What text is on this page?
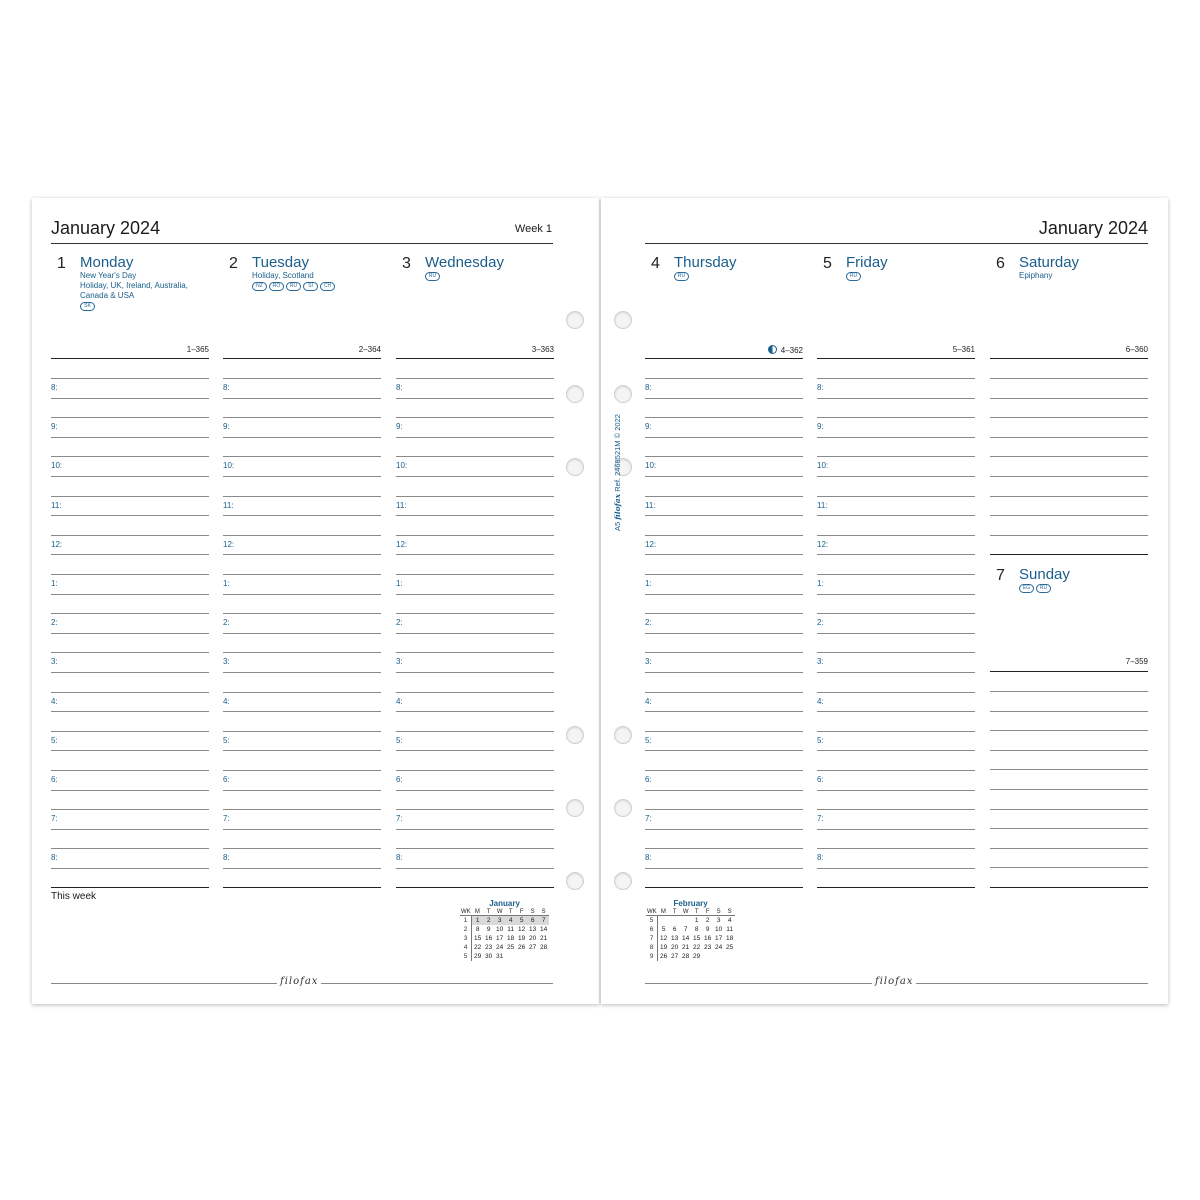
January 2024	Week 1
1 Monday
New Year's Day
Holiday, UK, Ireland, Australia,
Canada & USA
SK
1–365
8:
9:
10:
11:
12:
1:
2:
3:
4:
5:
6:
7:
8:
2 Tuesday
Holiday, Scotland
NZ	RO	RU	SI	CH
2–364
8:
9:
10:
11:
12:
1:
2:
3:
4:
5:
6:
7:
8:
3 Wednesday
RU
3–363
8:
9:
10:
11:
12:
1:
2:
3:
4:
5:
6:
7:
8:
This week
January
WK	M	T	W	T	F	S	S
1	1	2	3	4	5	6	7
2	8	9	10	11	12	13	14
3	15	16	17	18	19	20	21
4	22	23	24	25	26	27	28
5	29	30	31				
filofax
January 2024
A5 filofax Ref. 2468521M © 2022
4 Thursday
RU
4–362
8:
9:
10:
11:
12:
1:
2:
3:
4:
5:
6:
7:
8:
5 Friday
RU
5–361
8:
9:
10:
11:
12:
1:
2:
3:
4:
5:
6:
7:
8:
6 Saturday
Epiphany
6–360
7 Sunday
EG	RU
7–359
February
WK	M	T	W	T	F	S	S
5				1	2	3	4
6	5	6	7	8	9	10	11
7	12	13	14	15	16	17	18
8	19	20	21	22	23	24	25
9	26	27	28	29			
filofax
